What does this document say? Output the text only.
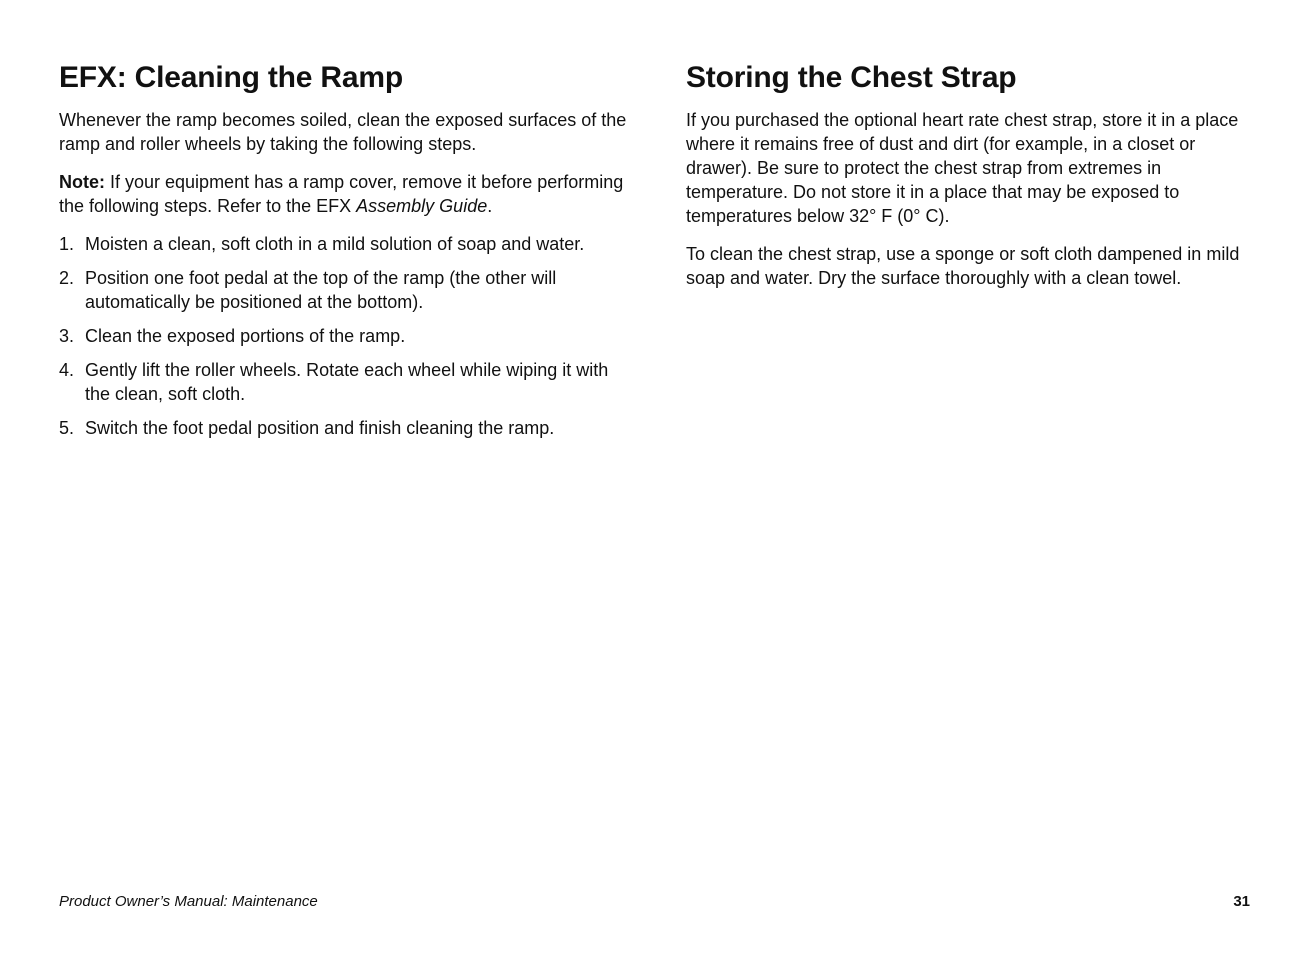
EFX: Cleaning the Ramp

Whenever the ramp becomes soiled, clean the exposed surfaces of the ramp and roller wheels by taking the following steps.

Note: If your equipment has a ramp cover, remove it before performing the following steps. Refer to the EFX Assembly Guide.

1. Moisten a clean, soft cloth in a mild solution of soap and water.
2. Position one foot pedal at the top of the ramp (the other will automatically be positioned at the bottom).
3. Clean the exposed portions of the ramp.
4. Gently lift the roller wheels. Rotate each wheel while wiping it with the clean, soft cloth.
5. Switch the foot pedal position and finish cleaning the ramp.
Storing the Chest Strap

If you purchased the optional heart rate chest strap, store it in a place where it remains free of dust and dirt (for example, in a closet or drawer). Be sure to protect the chest strap from extremes in temperature. Do not store it in a place that may be exposed to temperatures below 32° F (0° C).

To clean the chest strap, use a sponge or soft cloth dampened in mild soap and water. Dry the surface thoroughly with a clean towel.

Product Owner’s Manual: Maintenance	31
